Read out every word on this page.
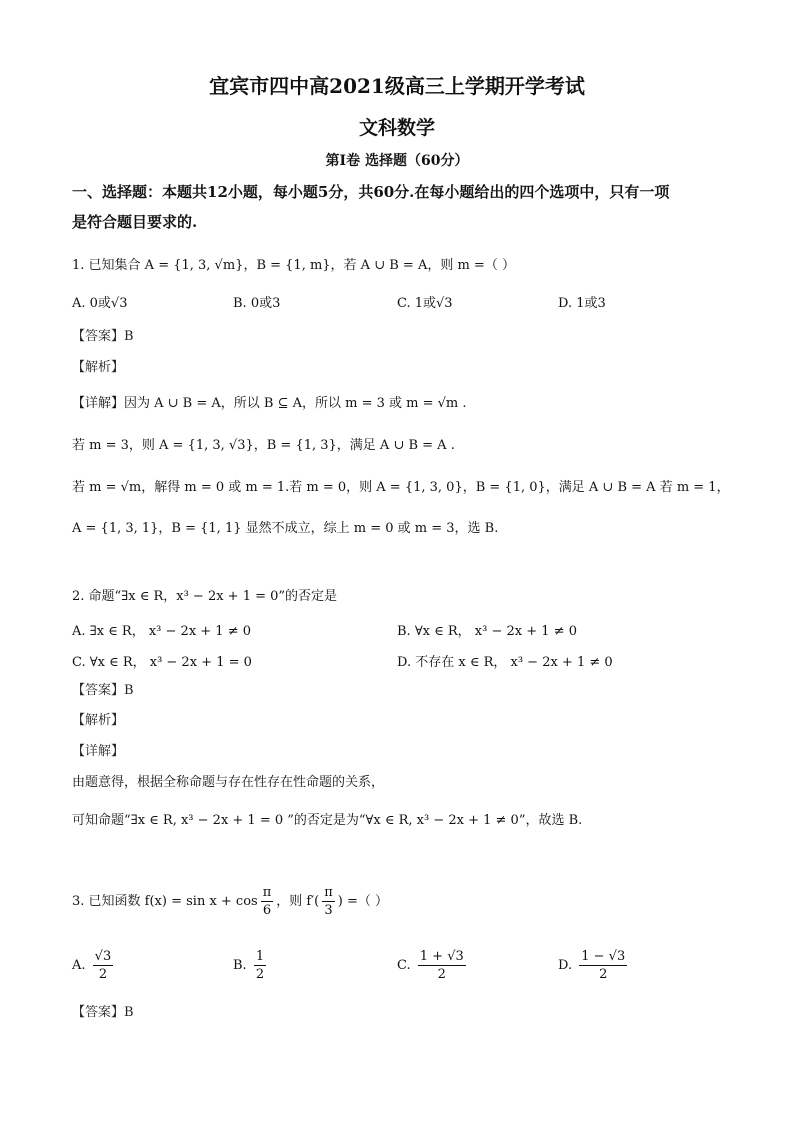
宜宾市四中高2021级高三上学期开学考试
文科数学
第I卷 选择题（60分）
一、选择题：本题共12小题，每小题5分，共60分.在每小题给出的四个选项中，只有一项
是符合题目要求的.
1. 已知集合 A = {1, 3, √m}，B = {1, m}，若 A ∪ B = A，则 m =（ ）
A. 0或√3	B. 0或3	C. 1或√3	D. 1或3
【答案】B
【解析】
【详解】因为 A ∪ B = A，所以 B ⊆ A，所以 m = 3 或 m = √m .
若 m = 3，则 A = {1, 3, √3}，B = {1, 3}，满足 A ∪ B = A .
若 m = √m，解得 m = 0 或 m = 1.若 m = 0，则 A = {1, 3, 0}，B = {1, 0}，满足 A ∪ B = A 若 m = 1，
A = {1, 3, 1}，B = {1, 1} 显然不成立，综上 m = 0 或 m = 3，选 B.
2. 命题“∃x ∈ R，x³ − 2x + 1 = 0”的否定是
A. ∃x ∈ R， x³ − 2x + 1 ≠ 0	B. ∀x ∈ R， x³ − 2x + 1 ≠ 0
C. ∀x ∈ R， x³ − 2x + 1 = 0	D. 不存在 x ∈ R， x³ − 2x + 1 ≠ 0
【答案】B
【解析】
【详解】
由题意得，根据全称命题与存在性存在性命题的关系，
可知命题“∃x ∈ R, x³ − 2x + 1 = 0 ”的否定是为“∀x ∈ R, x³ − 2x + 1 ≠ 0”，故选 B.
3. 已知函数 $f(x) = \sin x + \cos \frac{\pi}{6}$ ，则 $f'( \frac{\pi}{3}$ ) =（ ）
A. $\frac{√3}{2}$	B. $\frac{1}{2}$	C. $\frac{1 + √3}{2}$	D. $\frac{1 - √3}{2}$
【答案】B
